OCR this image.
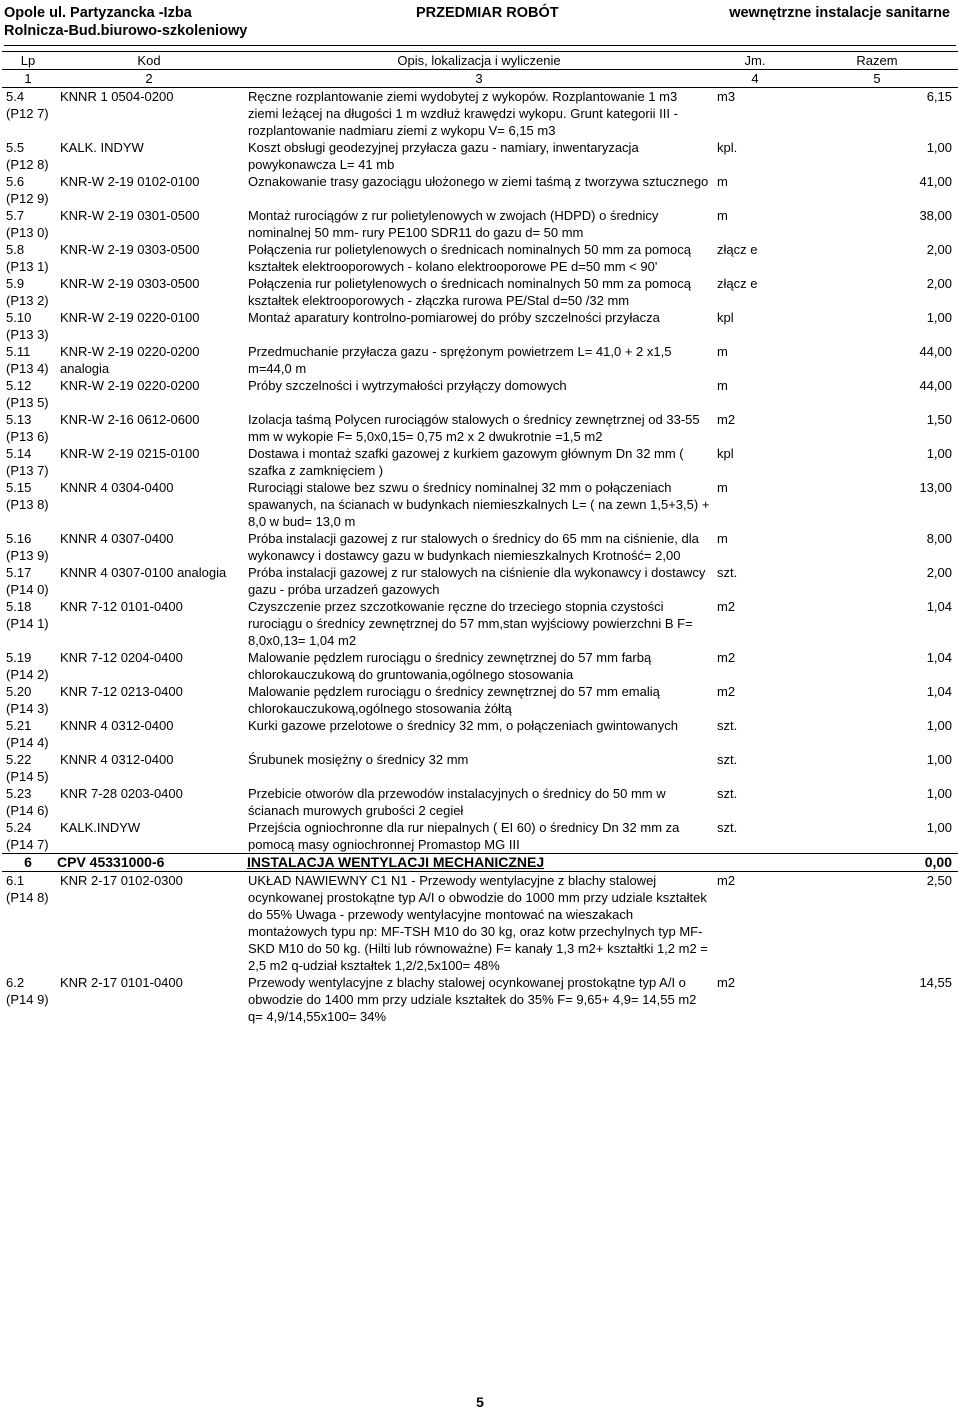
Opole ul. Partyzancka -Izba
Rolnicza-Bud.biurowo-szkoleniowy
PRZEDMIAR ROBÓT	wewnętrzne instalacje sanitarne
Lp	Kod	Opis, lokalizacja i wyliczenie	Jm.	Razem
1	2	3	4	5
5.4 (P12 7)	KNNR 1 0504-0200	Ręczne rozplantowanie ziemi wydobytej z wykopów. Rozplantowanie 1 m3 ziemi leżącej na długości 1 m wzdłuż krawędzi wykopu. Grunt kategorii III - rozplantowanie nadmiaru ziemi z wykopu V= 6,15 m3	m3	6,15
5.5 (P12 8)	KALK. INDYW	Koszt obsługi geodezyjnej przyłacza gazu - namiary, inwentaryzacja powykonawcza L= 41 mb	kpl.	1,00
5.6 (P12 9)	KNR-W 2-19 0102-0100	Oznakowanie trasy gazociągu ułożonego w ziemi taśmą z tworzywa sztucznego	m	41,00
5.7 (P13 0)	KNR-W 2-19 0301-0500	Montaż rurociągów z rur polietylenowych w zwojach (HDPD) o średnicy nominalnej 50 mm- rury PE100 SDR11 do gazu d= 50 mm	m	38,00
5.8 (P13 1)	KNR-W 2-19 0303-0500	Połączenia rur polietylenowych o średnicach nominalnych 50 mm za pomocą kształtek elektrooporowych - kolano elektrooporowe PE d=50 mm < 90'	złącz e	2,00
5.9 (P13 2)	KNR-W 2-19 0303-0500	Połączenia rur polietylenowych o średnicach nominalnych 50 mm za pomocą kształtek elektrooporowych - złączka rurowa PE/Stal d=50 /32 mm	złącz e	2,00
5.10 (P13 3)	KNR-W 2-19 0220-0100	Montaż aparatury kontrolno-pomiarowej do próby szczelności przyłacza	kpl	1,00
5.11 (P13 4)	KNR-W 2-19 0220-0200 analogia	Przedmuchanie przyłacza gazu - sprężonym powietrzem L= 41,0 + 2 x1,5 m=44,0 m	m	44,00
5.12 (P13 5)	KNR-W 2-19 0220-0200	Próby szczelności i wytrzymałości przyłączy domowych	m	44,00
5.13 (P13 6)	KNR-W 2-16 0612-0600	Izolacja taśmą Polycen rurociągów stalowych o średnicy zewnętrznej od 33-55 mm w wykopie F= 5,0x0,15= 0,75 m2 x 2 dwukrotnie =1,5 m2	m2	1,50
5.14 (P13 7)	KNR-W 2-19 0215-0100	Dostawa i montaż szafki gazowej z kurkiem gazowym głównym Dn 32 mm ( szafka z zamknięciem )	kpl	1,00
5.15 (P13 8)	KNNR 4 0304-0400	Rurociągi stalowe bez szwu o średnicy nominalnej 32 mm o połączeniach spawanych, na ścianach w budynkach niemieszkalnych L= ( na zewn 1,5+3,5) + 8,0 w bud= 13,0 m	m	13,00
5.16 (P13 9)	KNNR 4 0307-0400	Próba instalacji gazowej z rur stalowych o średnicy do 65 mm na ciśnienie, dla wykonawcy i dostawcy gazu w budynkach niemieszkalnych Krotność= 2,00	m	8,00
5.17 (P14 0)	KNNR 4 0307-0100 analogia	Próba instalacji gazowej z rur stalowych na ciśnienie dla wykonawcy i dostawcy gazu - próba urzadzeń gazowych	szt.	2,00
5.18 (P14 1)	KNR 7-12 0101-0400	Czyszczenie przez szczotkowanie ręczne do trzeciego stopnia czystości rurociągu o średnicy zewnętrznej do 57 mm,stan wyjściowy powierzchni B F= 8,0x0,13= 1,04 m2	m2	1,04
5.19 (P14 2)	KNR 7-12 0204-0400	Malowanie pędzlem rurociągu o średnicy zewnętrznej do 57 mm farbą chlorokauczukową do gruntowania,ogólnego stosowania	m2	1,04
5.20 (P14 3)	KNR 7-12 0213-0400	Malowanie pędzlem rurociągu o średnicy zewnętrznej do 57 mm emalią chlorokauczukową,ogólnego stosowania żółtą	m2	1,04
5.21 (P14 4)	KNNR 4 0312-0400	Kurki gazowe przelotowe o średnicy 32 mm, o połączeniach gwintowanych	szt.	1,00
5.22 (P14 5)	KNNR 4 0312-0400	Śrubunek mosiężny o średnicy 32 mm	szt.	1,00
5.23 (P14 6)	KNR 7-28 0203-0400	Przebicie otworów dla przewodów instalacyjnych o średnicy do 50 mm w ścianach murowych grubości 2 cegieł	szt.	1,00
5.24 (P14 7)	KALK.INDYW	Przejścia ogniochronne dla rur niepalnych ( EI 60) o średnicy Dn 32 mm za pomocą masy ogniochronnej Promastop MG III	szt.	1,00
6	CPV 45331000-6	INSTALACJA WENTYLACJI MECHANICZNEJ		0,00
6.1 (P14 8)	KNR 2-17 0102-0300	UKŁAD NAWIEWNY C1 N1 - Przewody wentylacyjne z blachy stalowej ocynkowanej prostokątne typ A/I o obwodzie do 1000 mm przy udziale kształtek do 55% Uwaga - przewody wentylacyjne montować na wieszakach montażowych typu np: MF-TSH M10 do 30 kg, oraz kotw przechylnych typ MF-SKD M10 do 50 kg. (Hilti lub równoważne) F= kanały 1,3 m2+ kształtki 1,2 m2 = 2,5 m2 q-udział kształtek 1,2/2,5x100= 48%	m2	2,50
6.2 (P14 9)	KNR 2-17 0101-0400	Przewody wentylacyjne z blachy stalowej ocynkowanej prostokątne typ A/I o obwodzie do 1400 mm przy udziale kształtek do 35% F= 9,65+ 4,9= 14,55 m2 q= 4,9/14,55x100= 34%	m2	14,55
5
